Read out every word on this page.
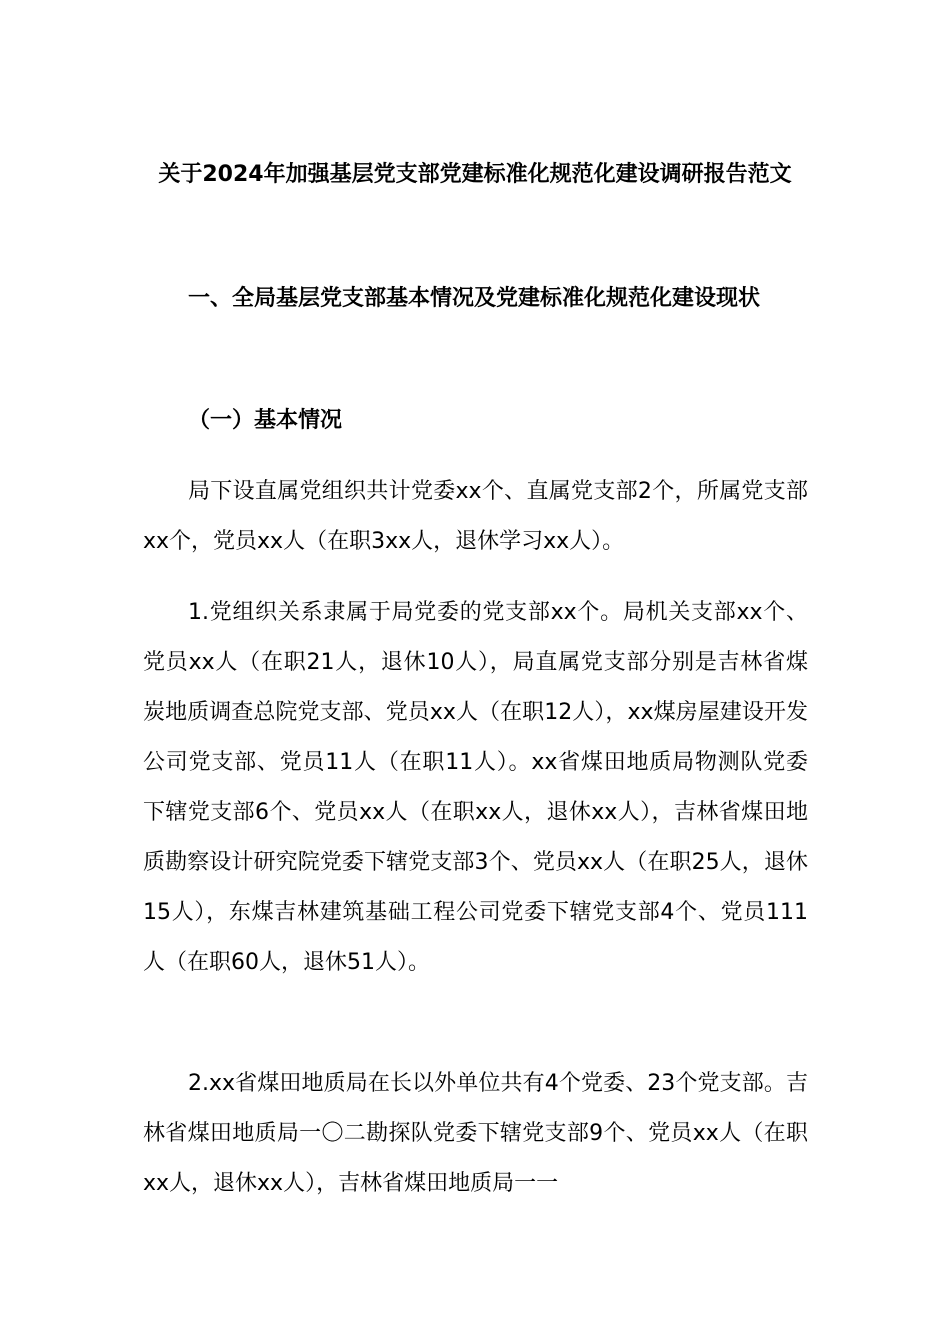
关于2024年加强基层党支部党建标准化规范化建设调研报告范文
一、全局基层党支部基本情况及党建标准化规范化建设现状
（一）基本情况

局下设直属党组织共计党委xx个、直属党支部2个，所属党支部xx个，党员xx人（在职3xx人，退休学习xx人）。

1.党组织关系隶属于局党委的党支部xx个。局机关支部xx个、党员xx人（在职21人，退休10人），局直属党支部分别是吉林省煤炭地质调查总院党支部、党员xx人（在职12人），xx煤房屋建设开发公司党支部、党员11人（在职11人）。xx省煤田地质局物测队党委下辖党支部6个、党员xx人（在职xx人，退休xx人），吉林省煤田地质勘察设计研究院党委下辖党支部3个、党员xx人（在职25人，退休15人），东煤吉林建筑基础工程公司党委下辖党支部4个、党员111人（在职60人，退休51人）。

2.xx省煤田地质局在长以外单位共有4个党委、23个党支部。吉林省煤田地质局一〇二勘探队党委下辖党支部9个、党员xx人（在职xx人，退休xx人），吉林省煤田地质局一一
